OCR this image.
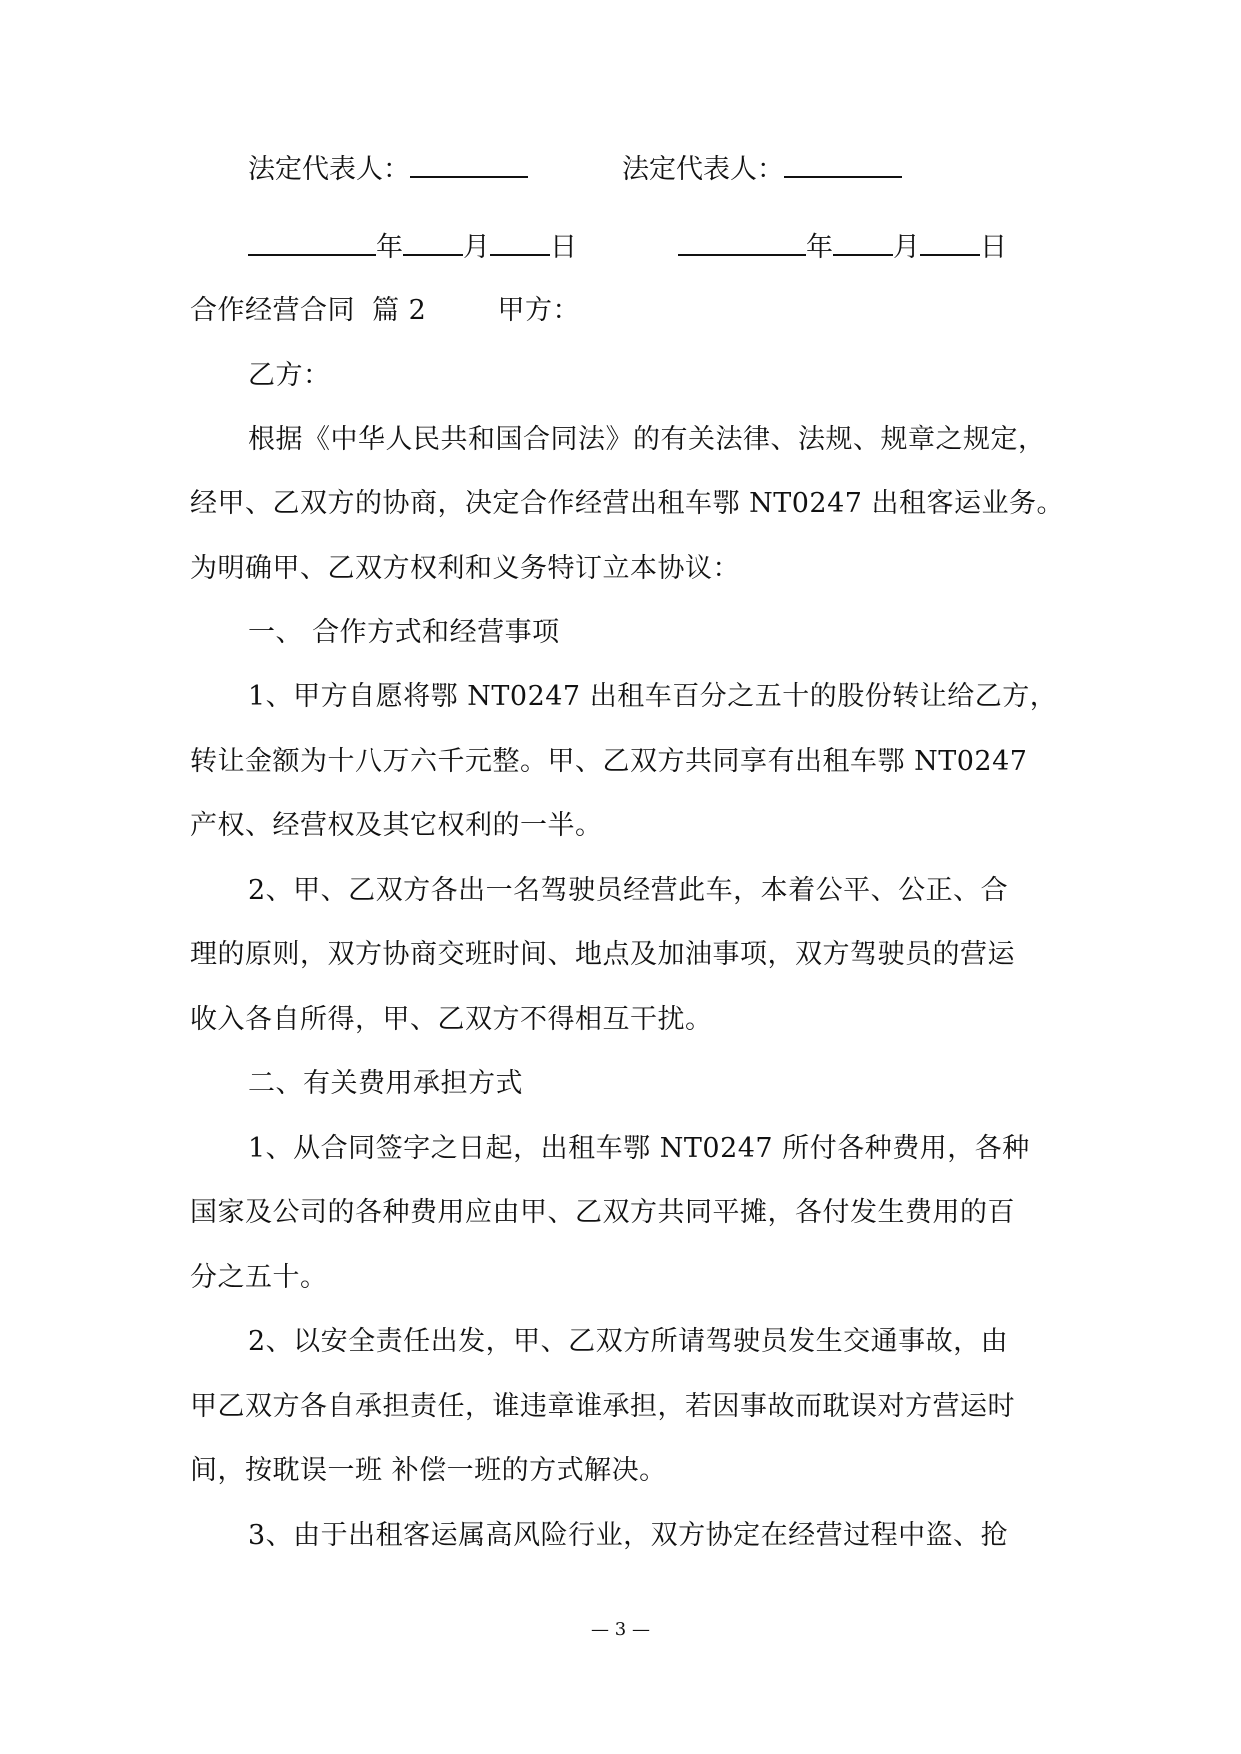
法定代表人：	法定代表人：
年 月 日	年 月 日
合作经营合同 篇 2	甲方：
乙方：
根据《中华人民共和国合同法》的有关法律、法规、规章之规定，
经甲、乙双方的协商，决定合作经营出租车鄂 NT0247 出租客运业务。
为明确甲、乙双方权利和义务特订立本协议：
一、 合作方式和经营事项
1、甲方自愿将鄂 NT0247 出租车百分之五十的股份转让给乙方，
转让金额为十八万六千元整。甲、乙双方共同享有出租车鄂 NT0247
产权、经营权及其它权利的一半。
2、甲、乙双方各出一名驾驶员经营此车，本着公平、公正、合
理的原则，双方协商交班时间、地点及加油事项，双方驾驶员的营运
收入各自所得，甲、乙双方不得相互干扰。
二、有关费用承担方式
1、从合同签字之日起，出租车鄂 NT0247 所付各种费用，各种
国家及公司的各种费用应由甲、乙双方共同平摊，各付发生费用的百
分之五十。
2、以安全责任出发，甲、乙双方所请驾驶员发生交通事故，由
甲乙双方各自承担责任，谁违章谁承担，若因事故而耽误对方营运时
间，按耽误一班 补偿一班的方式解决。
3、由于出租客运属高风险行业，双方协定在经营过程中盗、抢
— 3 —
